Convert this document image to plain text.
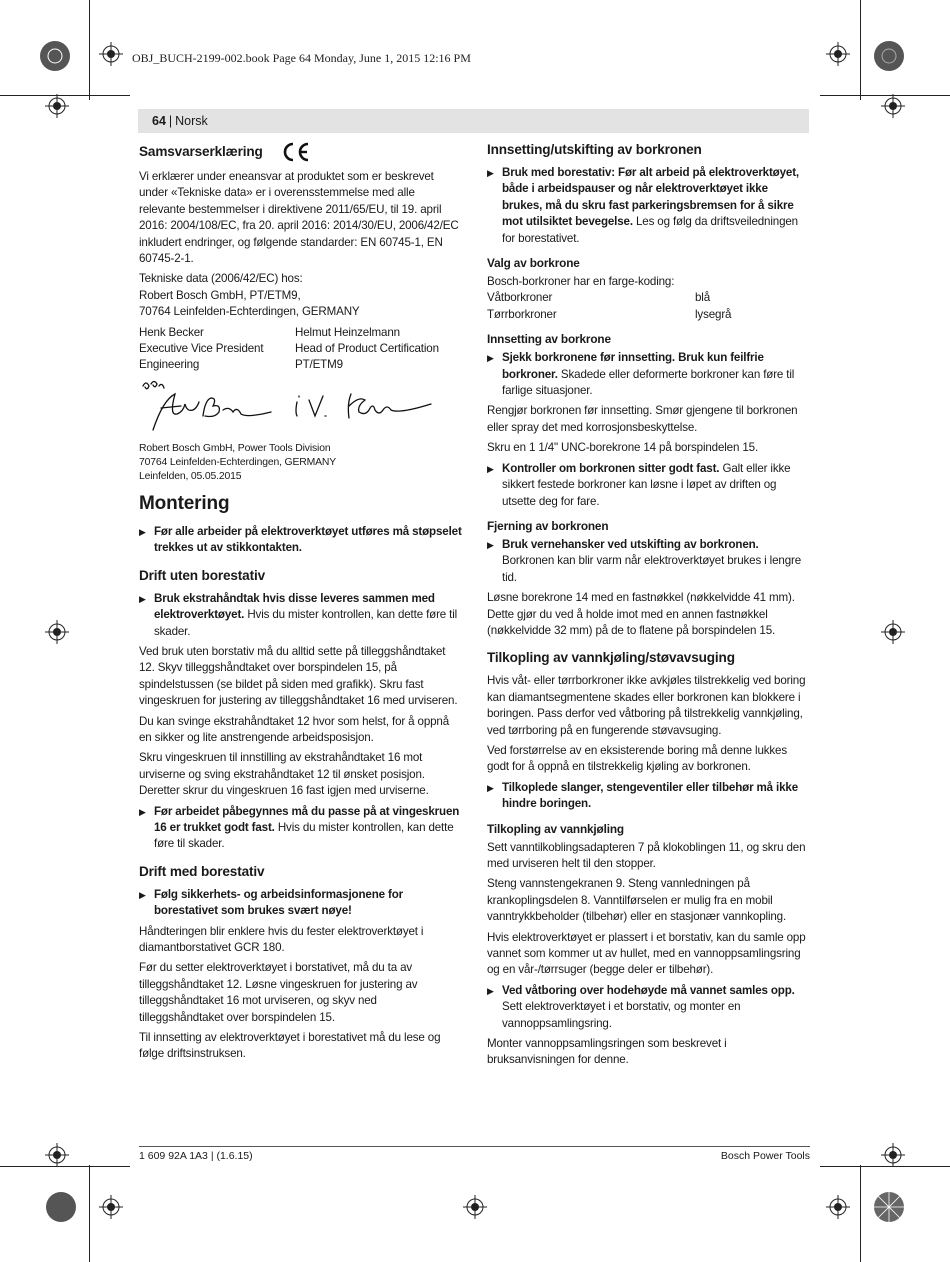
OBJ_BUCH-2199-002.book Page 64 Monday, June 1, 2015 12:16 PM
64 | Norsk
Samsvarserklæring

Vi erklærer under eneansvar at produktet som er beskrevet under «Tekniske data» er i overensstemmelse med alle relevante bestemmelser i direktivene 2011/65/EU, til 19. april 2016: 2004/108/EC, fra 20. april 2016: 2014/30/EU, 2006/42/EC inkludert endringer, og følgende standarder: EN 60745-1, EN 60745-2-1.

Tekniske data (2006/42/EC) hos:

Robert Bosch GmbH, PT/ETM9,
70764 Leinfelden-Echterdingen, GERMANY
Henk Becker	Helmut Heinzelmann
Executive Vice President	Head of Product Certification
Engineering	PT/ETM9
Robert Bosch GmbH, Power Tools Division
70764 Leinfelden-Echterdingen, GERMANY
Leinfelden, 05.05.2015
Montering
▶ Før alle arbeider på elektroverktøyet utføres må støpselet trekkes ut av stikkontakten.
Drift uten borestativ
▶ Bruk ekstrahåndtak hvis disse leveres sammen med elektroverktøyet. Hvis du mister kontrollen, kan dette føre til skader.

Ved bruk uten borstativ må du alltid sette på tilleggshåndtaket 12. Skyv tilleggshåndtaket over borspindelen 15, på spindelstussen (se bildet på siden med grafikk). Skru fast vingeskruen for justering av tilleggshåndtaket 16 med urviseren.

Du kan svinge ekstrahåndtaket 12 hvor som helst, for å oppnå en sikker og lite anstrengende arbeidsposisjon.

Skru vingeskruen til innstilling av ekstrahåndtaket 16 mot urviserne og sving ekstrahåndtaket 12 til ønsket posisjon. Deretter skrur du vingeskruen 16 fast igjen med urviserne.

▶ Før arbeidet påbegynnes må du passe på at vingeskruen 16 er trukket godt fast. Hvis du mister kontrollen, kan dette føre til skader.
Drift med borestativ
▶ Følg sikkerhets- og arbeidsinformasjonene for borestativet som brukes svært nøye!

Håndteringen blir enklere hvis du fester elektroverktøyet i diamantborstativet GCR 180.

Før du setter elektroverktøyet i borstativet, må du ta av tilleggshåndtaket 12. Løsne vingeskruen for justering av tilleggshåndtaket 16 mot urviseren, og skyv ned tilleggshåndtaket over borspindelen 15.

Til innsetting av elektroverktøyet i borestativet må du lese og følge driftsinstruksen.

Innsetting/utskifting av borkronen
▶ Bruk med borestativ: Før alt arbeid på elektroverktøyet, både i arbeidspauser og når elektroverktøyet ikke brukes, må du skru fast parkeringsbremsen for å sikre mot utilsiktet bevegelse. Les og følg da driftsveiledningen for borestativet.
Valg av borkrone
Bosch-borkroner har en farge-koding:
Våtborkroner	blå
Tørrborkroner	lysegrå
Innsetting av borkrone
▶ Sjekk borkronene før innsetting. Bruk kun feilfrie borkroner. Skadede eller deformerte borkroner kan føre til farlige situasjoner.

Rengjør borkronen før innsetting. Smør gjengene til borkronen eller spray det med korrosjonsbeskyttelse.

Skru en 1 1/4" UNC-borekrone 14 på borspindelen 15.

▶ Kontroller om borkronen sitter godt fast. Galt eller ikke sikkert festede borkroner kan løsne i løpet av driften og utsette deg for fare.
Fjerning av borkronen
▶ Bruk vernehansker ved utskifting av borkronen. Borkronen kan blir varm når elektroverktøyet brukes i lengre tid.

Løsne borekrone 14 med en fastnøkkel (nøkkelvidde 41 mm). Dette gjør du ved å holde imot med en annen fastnøkkel (nøkkelvidde 32 mm) på de to flatene på borspindelen 15.

Tilkopling av vannkjøling/støvavsuging

Hvis våt- eller tørrborkroner ikke avkjøles tilstrekkelig ved boring kan diamantsegmentene skades eller borkronen kan blokkere i boringen. Pass derfor ved våtboring på tilstrekkelig vannkjøling, ved tørrboring på en fungerende støvavsuging.

Ved forstørrelse av en eksisterende boring må denne lukkes godt for å oppnå en tilstrekkelig kjøling av borkronen.

▶ Tilkoplede slanger, stengeventiler eller tilbehør må ikke hindre boringen.
Tilkopling av vannkjøling

Sett vanntilkoblingsadapteren 7 på klokoblingen 11, og skru den med urviseren helt til den stopper.

Steng vannstengekranen 9. Steng vannledningen på krankoplingsdelen 8. Vanntilførselen er mulig fra en mobil vanntrykkbeholder (tilbehør) eller en stasjonær vannkopling.

Hvis elektroverktøyet er plassert i et borstativ, kan du samle opp vannet som kommer ut av hullet, med en vannoppsamlingsring og en vår-/tørrsuger (begge deler er tilbehør).

▶ Ved våtboring over hodehøyde må vannet samles opp. Sett elektroverktøyet i et borstativ, og monter en vannoppsamlingsring.

Monter vannoppsamlingsringen som beskrevet i bruksanvisningen for denne.

1 609 92A 1A3 | (1.6.15)	Bosch Power Tools
